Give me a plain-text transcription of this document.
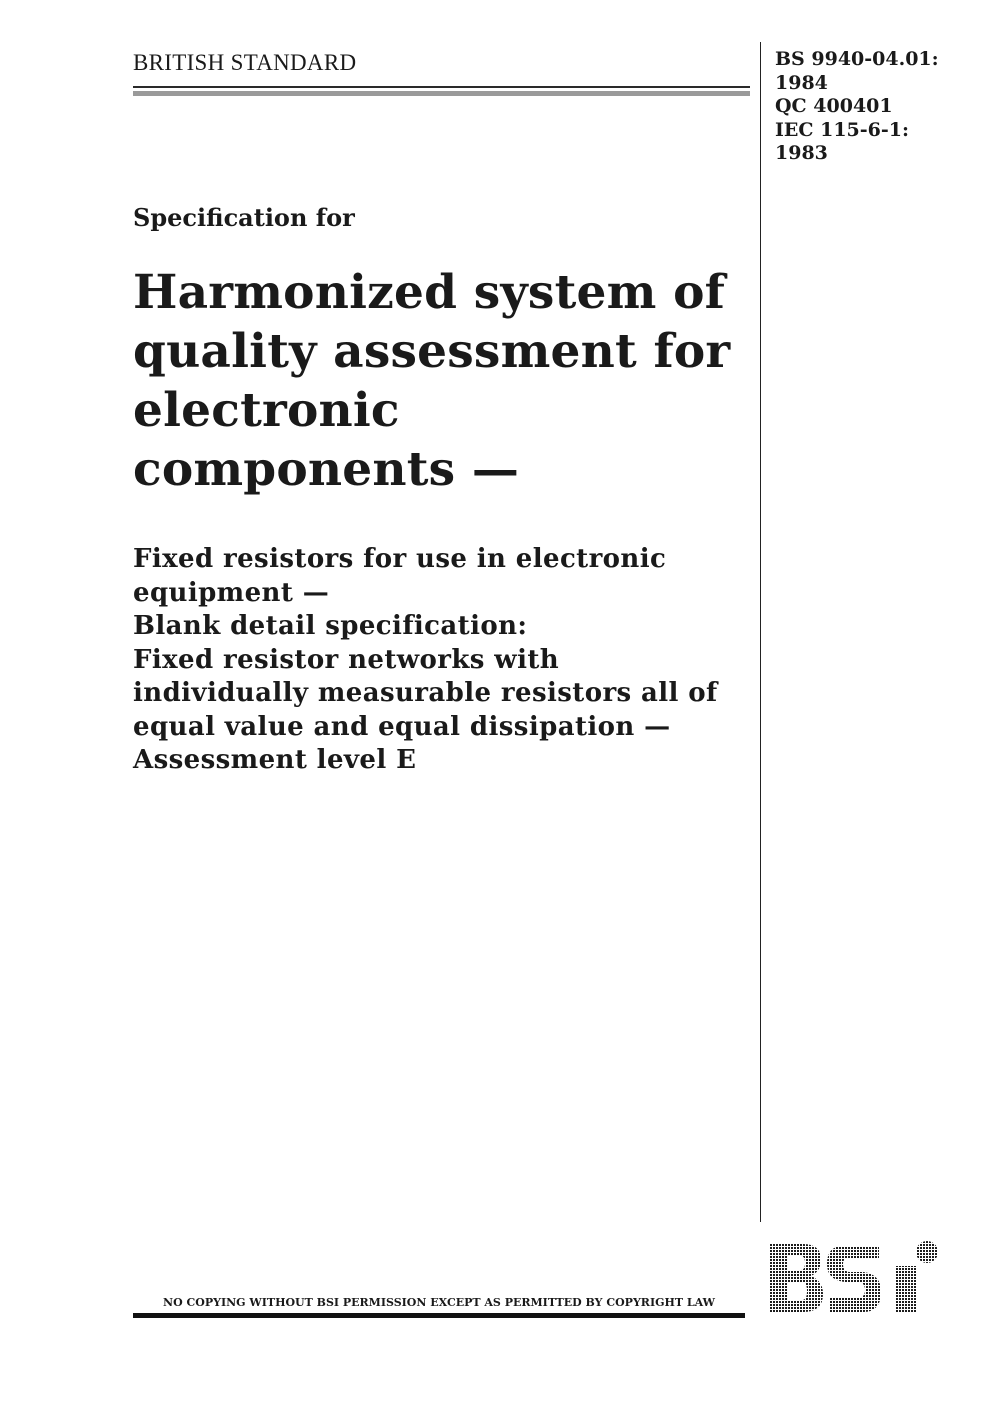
BRITISH STANDARD	BS 9940-04.01:
1984
QC 400401
IEC 115-6-1:
1983

Specification for

Harmonized system of
quality assessment for
electronic
components —
Fixed resistors for use in electronic
equipment —
Blank detail specification:
Fixed resistor networks with
individually measurable resistors all of
equal value and equal dissipation —
Assessment level E
NO COPYING WITHOUT BSI PERMISSION EXCEPT AS PERMITTED BY COPYRIGHT LAW
